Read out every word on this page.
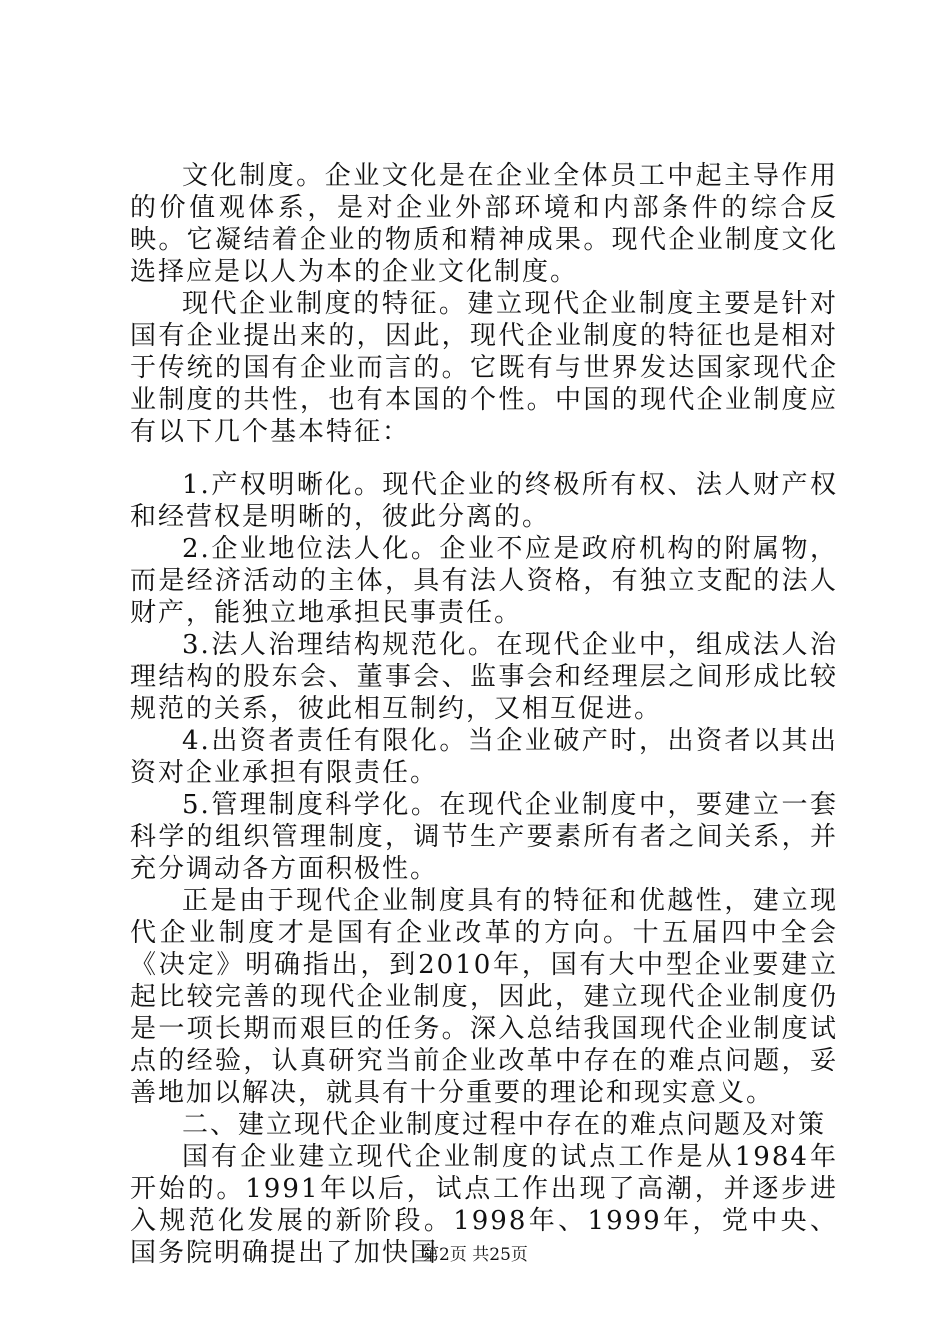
文化制度。企业文化是在企业全体员工中起主导作用的价值观体系，是对企业外部环境和内部条件的综合反映。它凝结着企业的物质和精神成果。现代企业制度文化选择应是以人为本的企业文化制度。

现代企业制度的特征。建立现代企业制度主要是针对国有企业提出来的，因此，现代企业制度的特征也是相对于传统的国有企业而言的。它既有与世界发达国家现代企业制度的共性，也有本国的个性。中国的现代企业制度应有以下几个基本特征：

1.产权明晰化。现代企业的终极所有权、法人财产权和经营权是明晰的，彼此分离的。

2.企业地位法人化。企业不应是政府机构的附属物，而是经济活动的主体，具有法人资格，有独立支配的法人财产，能独立地承担民事责任。

3.法人治理结构规范化。在现代企业中，组成法人治理结构的股东会、董事会、监事会和经理层之间形成比较规范的关系，彼此相互制约，又相互促进。

4.出资者责任有限化。当企业破产时，出资者以其出资对企业承担有限责任。

5.管理制度科学化。在现代企业制度中，要建立一套科学的组织管理制度，调节生产要素所有者之间关系，并充分调动各方面积极性。

正是由于现代企业制度具有的特征和优越性，建立现代企业制度才是国有企业改革的方向。十五届四中全会《决定》明确指出，到2010年，国有大中型企业要建立起比较完善的现代企业制度，因此，建立现代企业制度仍是一项长期而艰巨的任务。深入总结我国现代企业制度试点的经验，认真研究当前企业改革中存在的难点问题，妥善地加以解决，就具有十分重要的理论和现实意义。

二、建立现代企业制度过程中存在的难点问题及对策

国有企业建立现代企业制度的试点工作是从1984年开始的。1991年以后，试点工作出现了高潮，并逐步进入规范化发展的新阶段。1998年、1999年，党中央、国务院明确提出了加快国

第2页 共25页
